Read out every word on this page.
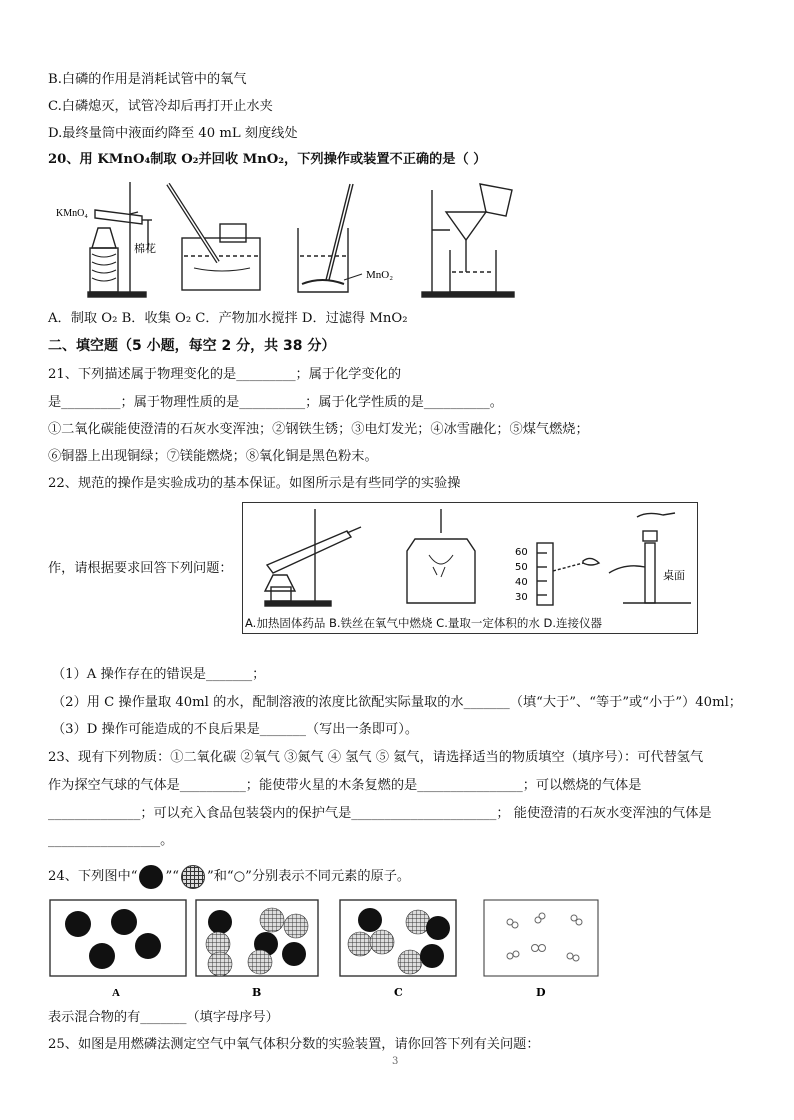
B.白磷的作用是消耗试管中的氧气
C.白磷熄灭，试管冷却后再打开止水夹
D.最终量筒中液面约降至 40 mL 刻度线处
20、用 KMnO₄制取 O₂并回收 MnO₂，下列操作或装置不正确的是（ ）
KMnO₄
棉花
MnO₂
A．制取 O₂ B．收集 O₂ C．产物加水搅拌 D．过滤得 MnO₂
二、填空题（5 小题，每空 2 分，共 38 分）
21、下列描述属于物理变化的是_________；属于化学变化的
是_________；属于物理性质的是__________；属于化学性质的是__________。
①二氧化碳能使澄清的石灰水变浑浊；②钢铁生锈；③电灯发光；④冰雪融化；⑤煤气燃烧；
⑥铜器上出现铜绿；⑦镁能燃烧；⑧氧化铜是黑色粉末。
22、规范的操作是实验成功的基本保证。如图所示是有些同学的实验操
作，请根据要求回答下列问题：
60
50
40
30
桌面
A.加热固体药品 B.铁丝在氧气中燃烧 C.量取一定体积的水 D.连接仪器
（1）A 操作存在的错误是_______；
（2）用 C 操作量取 40ml 的水，配制溶液的浓度比欲配实际量取的水_______（填“大于”、“等于”或“小于”）40ml；
（3）D 操作可能造成的不良后果是_______（写出一条即可）。
23、现有下列物质：①二氧化碳 ②氧气 ③氮气 ④ 氢气 ⑤ 氦气，请选择适当的物质填空（填序号）：可代替氢气
作为探空气球的气体是__________；能使带火星的木条复燃的是________________；可以燃烧的气体是
______________；可以充入食品包装袋内的保护气是______________________； 能使澄清的石灰水变浑浊的气体是
_________________。
24、下列图中“ ”“ ”和“○”分别表示不同元素的原子。
A	B	C	D
表示混合物的有_______（填字母序号）
25、如图是用燃磷法测定空气中氧气体积分数的实验装置，请你回答下列有关问题：
3
